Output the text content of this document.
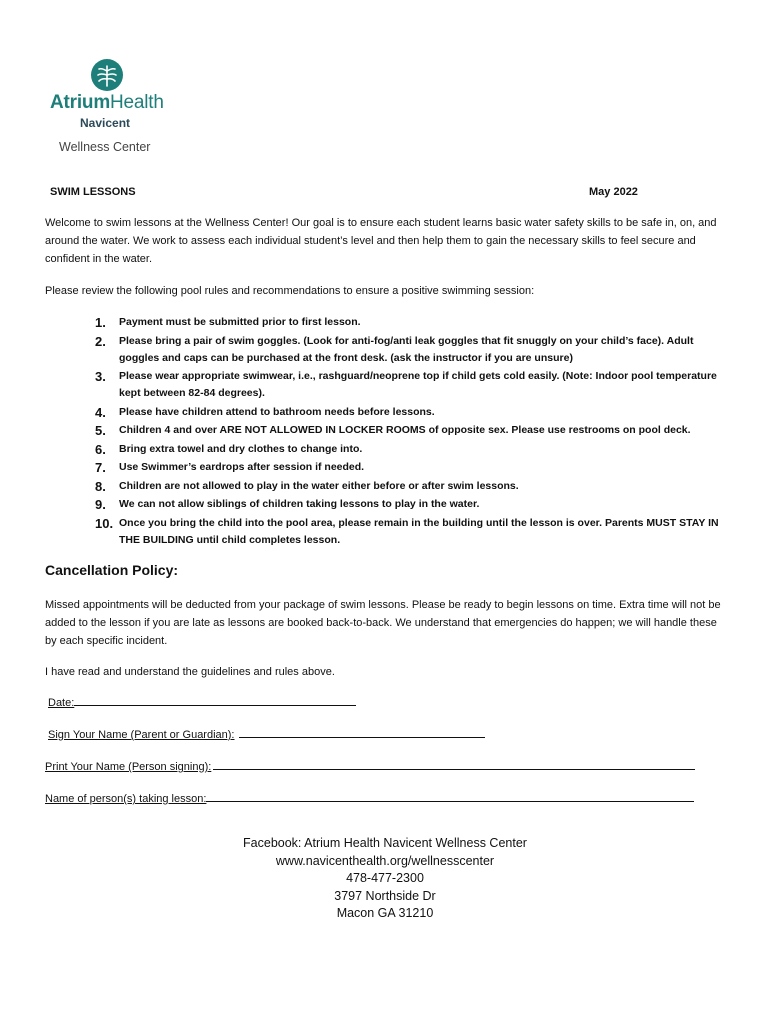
AtriumHealth
Navicent
Wellness Center
SWIM LESSONS	May 2022

Welcome to swim lessons at the Wellness Center! Our goal is to ensure each student learns basic water safety skills to be safe in, on, and around the water. We work to assess each individual student’s level and then help them to gain the necessary skills to feel secure and confident in the water.

Please review the following pool rules and recommendations to ensure a positive swimming session:

1.	Payment must be submitted prior to first lesson.
2.	Please bring a pair of swim goggles. (Look for anti-fog/anti leak goggles that fit snuggly on your child’s face). Adult goggles and caps can be purchased at the front desk. (ask the instructor if you are unsure)
3.	Please wear appropriate swimwear, i.e., rashguard/neoprene top if child gets cold easily. (Note: Indoor pool temperature kept between 82-84 degrees).
4.	Please have children attend to bathroom needs before lessons.
5.	Children 4 and over ARE NOT ALLOWED IN LOCKER ROOMS of opposite sex. Please use restrooms on pool deck.
6.	Bring extra towel and dry clothes to change into.
7.	Use Swimmer’s eardrops after session if needed.
8.	Children are not allowed to play in the water either before or after swim lessons.
9.	We can not allow siblings of children taking lessons to play in the water.
10. Once you bring the child into the pool area, please remain in the building until the lesson is over. Parents MUST STAY IN THE BUILDING until child completes lesson.
Cancellation Policy:

Missed appointments will be deducted from your package of swim lessons. Please be ready to begin lessons on time. Extra time will not be added to the lesson if you are late as lessons are booked back-to-back. We understand that emergencies do happen; we will handle these by each specific incident.

I have read and understand the guidelines and rules above.

Date:
Sign Your Name (Parent or Guardian):
Print Your Name (Person signing):
Name of person(s) taking lesson:
Facebook: Atrium Health Navicent Wellness Center
www.navicenthealth.org/wellnesscenter
478-477-2300
3797 Northside Dr
Macon GA 31210
